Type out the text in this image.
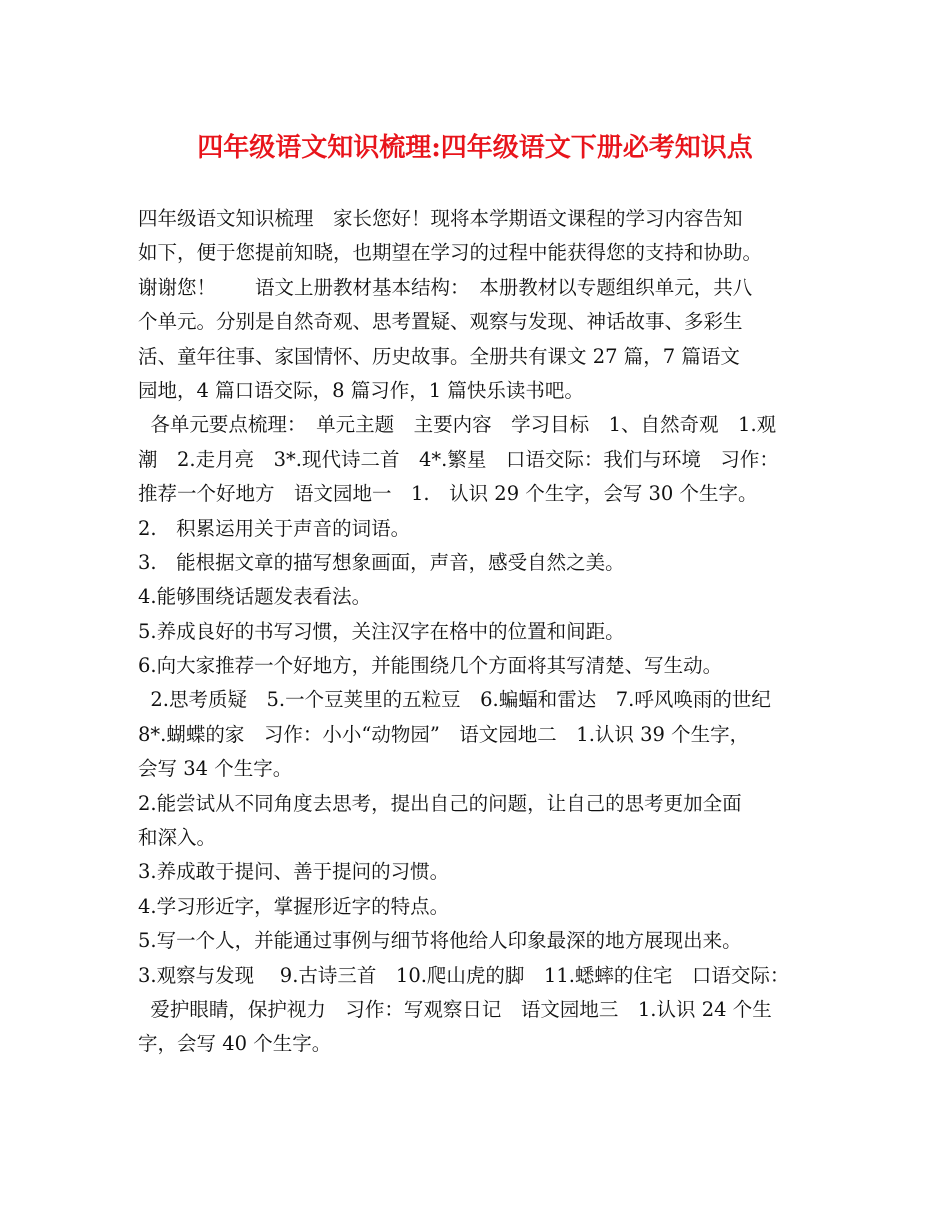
四年级语文知识梳理:四年级语文下册必考知识点
四年级语文知识梳理　家长您好！现将本学期语文课程的学习内容告知
如下，便于您提前知晓，也期望在学习的过程中能获得您的支持和协助。
谢谢您！　　语文上册教材基本结构：　本册教材以专题组织单元，共八
个单元。分别是自然奇观、思考置疑、观察与发现、神话故事、多彩生
活、童年往事、家国情怀、历史故事。全册共有课文 27 篇，7 篇语文
园地，4 篇口语交际，8 篇习作，1 篇快乐读书吧。
各单元要点梳理：　单元主题　主要内容　学习目标　1、自然奇观　1.观
潮　2.走月亮　3*.现代诗二首　4*.繁星　口语交际：我们与环境　习作：
推荐一个好地方　语文园地一　1.　认识 29 个生字，会写 30 个生字。
2.　积累运用关于声音的词语。
3.　能根据文章的描写想象画面，声音，感受自然之美。
4.能够围绕话题发表看法。
5.养成良好的书写习惯，关注汉字在格中的位置和间距。
6.向大家推荐一个好地方，并能围绕几个方面将其写清楚、写生动。
2.思考质疑　5.一个豆荚里的五粒豆　6.蝙蝠和雷达　7.呼风唤雨的世纪
8*.蝴蝶的家　习作：小小“动物园”　语文园地二　1.认识 39 个生字，
会写 34 个生字。
2.能尝试从不同角度去思考，提出自己的问题，让自己的思考更加全面
和深入。
3.养成敢于提问、善于提问的习惯。
4.学习形近字，掌握形近字的特点。
5.写一个人，并能通过事例与细节将他给人印象最深的地方展现出来。
3.观察与发现　 9.古诗三首　10.爬山虎的脚　11.蟋蟀的住宅　口语交际：
爱护眼睛，保护视力　习作：写观察日记　语文园地三　1.认识 24 个生
字，会写 40 个生字。
